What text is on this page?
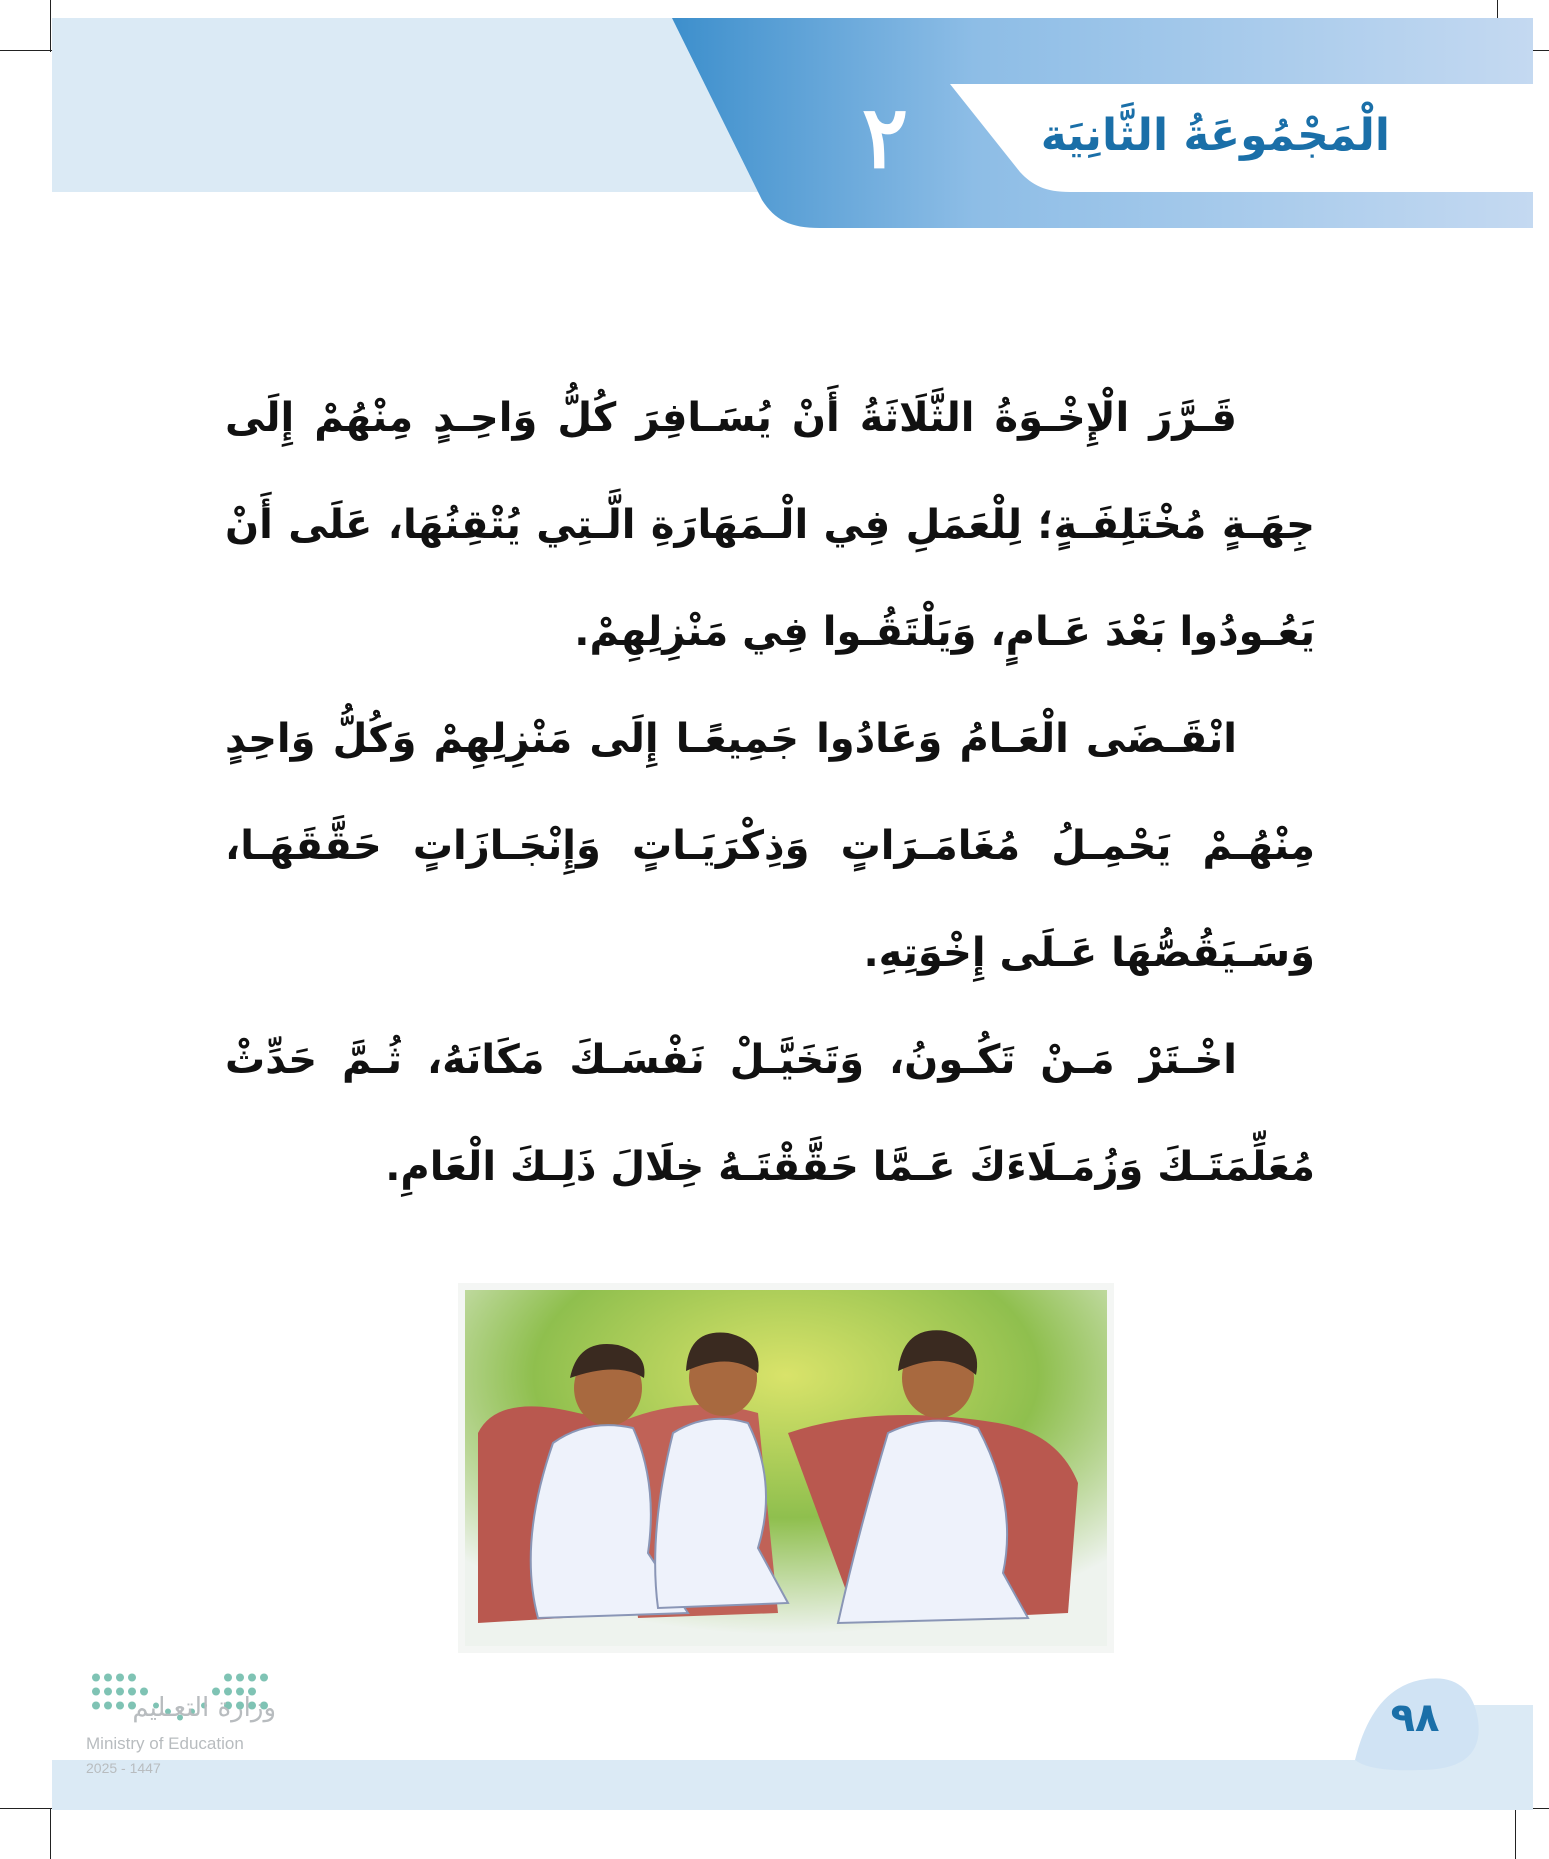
٢	الْمَجْمُوعَةُ الثَّانِيَة

قَـرَّرَ الْإِخْـوَةُ الثَّلَاثَةُ أَنْ يُسَـافِرَ كُلُّ وَاحِـدٍ مِنْهُمْ إِلَى جِهَـةٍ مُخْتَلِفَـةٍ؛ لِلْعَمَلِ فِي الْـمَهَارَةِ الَّـتِي يُتْقِنُهَا، عَلَى أَنْ يَعُـودُوا بَعْدَ عَـامٍ، وَيَلْتَقُـوا فِي مَنْزِلِهِمْ.

انْقَـضَى الْعَـامُ وَعَادُوا جَمِيعًـا إِلَى مَنْزِلِهِمْ وَكُلُّ وَاحِدٍ مِنْهُـمْ يَحْمِـلُ مُغَامَـرَاتٍ وَذِكْرَيَـاتٍ وَإِنْجَـازَاتٍ حَقَّقَهَـا، وَسَـيَقُصُّهَا عَـلَى إِخْوَتِهِ.

اخْـتَرْ مَـنْ تَكُـونُ، وَتَخَيَّـلْ نَفْسَـكَ مَكَانَهُ، ثُـمَّ حَدِّثْ مُعَلِّمَتَـكَ وَزُمَـلَاءَكَ عَـمَّا حَقَّقْتَـهُ خِلَالَ ذَلِـكَ الْعَامِ.

٩٨
وزارة التعـليم
Ministry of Education
2025 - 1447
